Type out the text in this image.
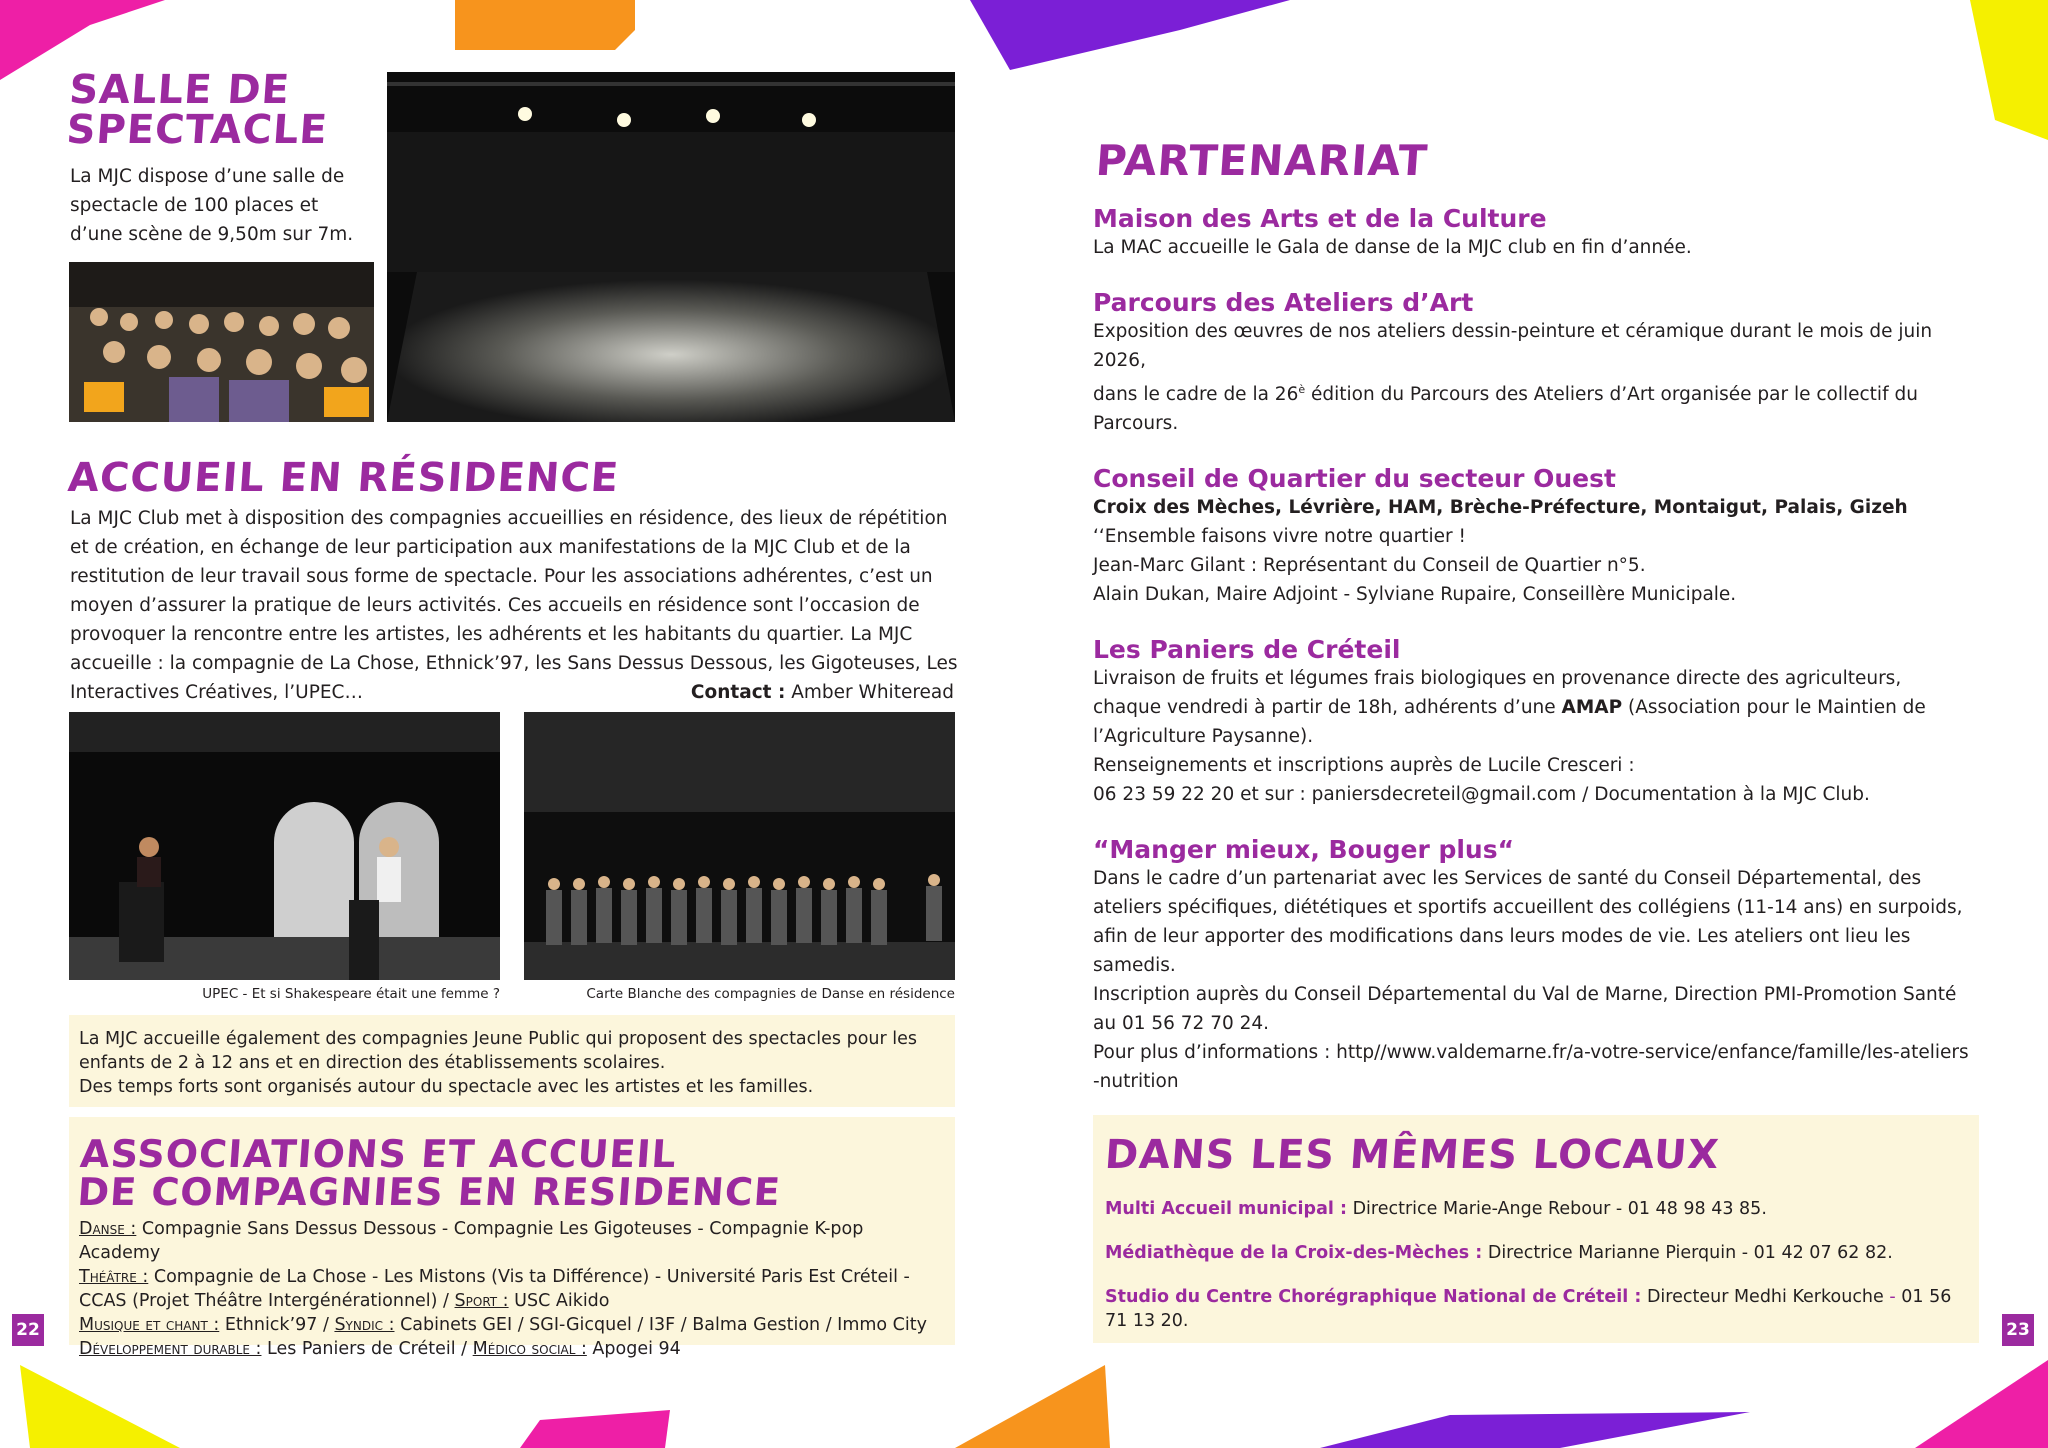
SALLE DE
SPECTACLE
La MJC dispose d’une salle de spectacle de 100 places et d’une scène de 9,50m sur 7m.
ACCUEIL EN RÉSIDENCE
La MJC Club met à disposition des compagnies accueillies en résidence, des lieux de répétition et de création, en échange de leur participation aux manifestations de la MJC Club et de la restitution de leur travail sous forme de spectacle. Pour les associations adhérentes, c’est un moyen d’assurer la pratique de leurs activités. Ces accueils en résidence sont l’occasion de provoquer la rencontre entre les artistes, les adhérents et les habitants du quartier. La MJC accueille : la compagnie de La Chose, Ethnick’97, les Sans Dessus Dessous, les Gigoteuses, Les Interactives Créatives, l’UPEC…	Contact : Amber Whiteread
UPEC - Et si Shakespeare était une femme ?	Carte Blanche des compagnies de Danse en résidence
La MJC accueille également des compagnies Jeune Public qui proposent des spectacles pour les enfants de 2 à 12 ans et en direction des établissements scolaires.
Des temps forts sont organisés autour du spectacle avec les artistes et les familles.
ASSOCIATIONS ET ACCUEIL
DE COMPAGNIES EN RESIDENCE
Danse : Compagnie Sans Dessus Dessous - Compagnie Les Gigoteuses - Compagnie K-pop Academy
Théâtre : Compagnie de La Chose - Les Mistons (Vis ta Différence) - Université Paris Est Créteil - CCAS (Projet Théâtre Intergénérationnel) / Sport : USC Aikido
Musique et chant : Ethnick’97 / Syndic : Cabinets GEI / SGI-Gicquel / I3F / Balma Gestion / Immo City
Développement durable : Les Paniers de Créteil / Médico social : Apogei 94
22
PARTENARIAT
Maison des Arts et de la Culture
La MAC accueille le Gala de danse de la MJC club en fin d’année.
Parcours des Ateliers d’Art
Exposition des œuvres de nos ateliers dessin-peinture et céramique durant le mois de juin 2026,
dans le cadre de la $26^è$ édition du Parcours des Ateliers d’Art organisée par le collectif du Parcours.
Conseil de Quartier du secteur Ouest
Croix des Mèches, Lévrière, HAM, Brèche-Préfecture, Montaigut, Palais, Gizeh
‘‘Ensemble faisons vivre notre quartier !
Jean-Marc Gilant : Représentant du Conseil de Quartier n°5.
Alain Dukan, Maire Adjoint - Sylviane Rupaire, Conseillère Municipale.
Les Paniers de Créteil
Livraison de fruits et légumes frais biologiques en provenance directe des agriculteurs, chaque vendredi à partir de 18h, adhérents d’une AMAP (Association pour le Maintien de l’Agriculture Paysanne).
Renseignements et inscriptions auprès de Lucile Cresceri :
06 23 59 22 20 et sur : paniersdecreteil@gmail.com / Documentation à la MJC Club.
“Manger mieux, Bouger plus“
Dans le cadre d’un partenariat avec les Services de santé du Conseil Départemental, des ateliers spécifiques, diététiques et sportifs accueillent des collégiens (11-14 ans) en surpoids, afin de leur apporter des modifications dans leurs modes de vie. Les ateliers ont lieu les samedis.
Inscription auprès du Conseil Départemental du Val de Marne, Direction PMI-Promotion Santé au 01 56 72 70 24.
Pour plus d’informations : http//www.valdemarne.fr/a-votre-service/enfance/famille/les-ateliers-nutrition
DANS LES MÊMES LOCAUX
Multi Accueil municipal : Directrice Marie-Ange Rebour - 01 48 98 43 85.
Médiathèque de la Croix-des-Mèches : Directrice Marianne Pierquin - 01 42 07 62 82.
Studio du Centre Chorégraphique National de Créteil : Directeur Medhi Kerkouche - 01 56 71 13 20.	23
